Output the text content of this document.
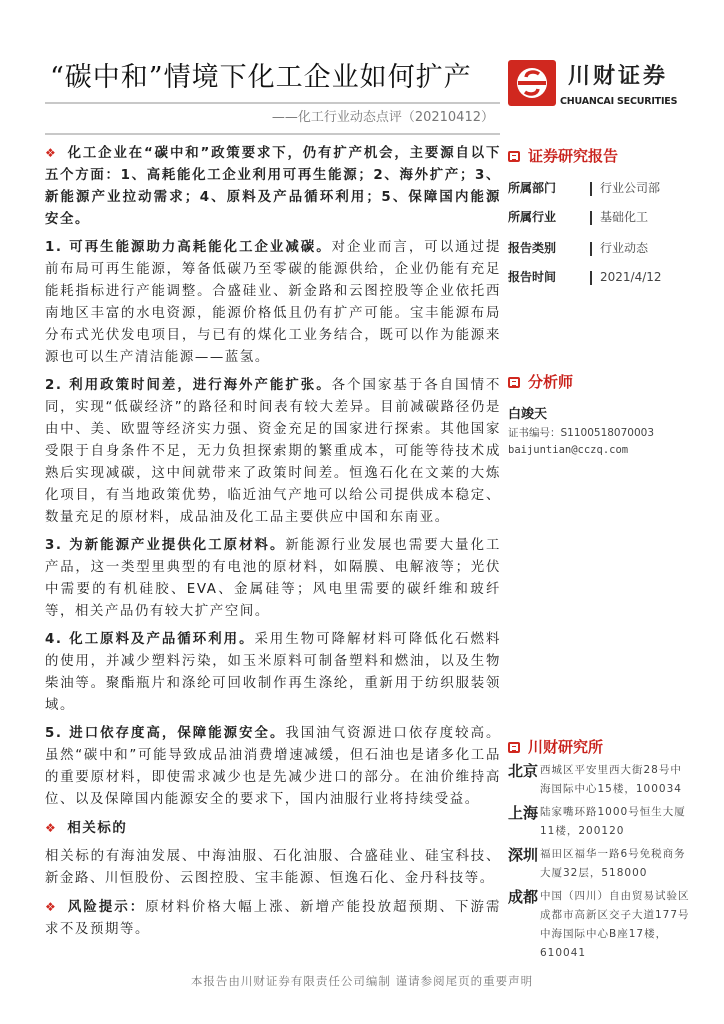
“碳中和”情境下化工企业如何扩产
——化工行业动态点评（20210412）
川财证券
CHUANCAI SECURITIES

❖ 化工企业在“碳中和”政策要求下，仍有扩产机会，主要源自以下五个方面：1、高耗能化工企业利用可再生能源；2、海外扩产；3、新能源产业拉动需求；4、原料及产品循环利用；5、保障国内能源安全。

1. 可再生能源助力高耗能化工企业减碳。对企业而言，可以通过提前布局可再生能源，筹备低碳乃至零碳的能源供给，企业仍能有充足能耗指标进行产能调整。合盛硅业、新金路和云图控股等企业依托西南地区丰富的水电资源，能源价格低且仍有扩产可能。宝丰能源布局分布式光伏发电项目，与已有的煤化工业务结合，既可以作为能源来源也可以生产清洁能源——蓝氢。

2. 利用政策时间差，进行海外产能扩张。各个国家基于各自国情不同，实现“低碳经济”的路径和时间表有较大差异。目前减碳路径仍是由中、美、欧盟等经济实力强、资金充足的国家进行探索。其他国家受限于自身条件不足，无力负担探索期的繁重成本，可能等待技术成熟后实现减碳，这中间就带来了政策时间差。恒逸石化在文莱的大炼化项目，有当地政策优势，临近油气产地可以给公司提供成本稳定、数量充足的原材料，成品油及化工品主要供应中国和东南亚。

3. 为新能源产业提供化工原材料。新能源行业发展也需要大量化工产品，这一类型里典型的有电池的原材料，如隔膜、电解液等；光伏中需要的有机硅胶、EVA、金属硅等；风电里需要的碳纤维和玻纤等，相关产品仍有较大扩产空间。

4. 化工原料及产品循环利用。采用生物可降解材料可降低化石燃料的使用，并减少塑料污染，如玉米原料可制备塑料和燃油，以及生物柴油等。聚酯瓶片和涤纶可回收制作再生涤纶，重新用于纺织服装领域。

5. 进口依存度高，保障能源安全。我国油气资源进口依存度较高。虽然“碳中和”可能导致成品油消费增速减缓，但石油也是诸多化工品的重要原材料，即使需求减少也是先减少进口的部分。在油价维持高位、以及保障国内能源安全的要求下，国内油服行业将持续受益。

❖ 相关标的

相关标的有海油发展、中海油服、石化油服、合盛硅业、硅宝科技、新金路、川恒股份、云图控股、宝丰能源、恒逸石化、金丹科技等。

❖ 风险提示：原材料价格大幅上涨、新增产能投放超预期、下游需求不及预期等。

证券研究报告
所属部门	行业公司部
所属行业	基础化工
报告类别	行业动态
报告时间	2021/4/12
分析师
白竣天
证书编号：S1100518070003
baijuntian@cczq.com
川财研究所
北京 西城区平安里西大街28号中海国际中心15楼，100034
上海 陆家嘴环路1000号恒生大厦11楼，200120
深圳 福田区福华一路6号免税商务大厦32层，518000
成都 中国（四川）自由贸易试验区成都市高新区交子大道177号中海国际中心B座17楼，610041
本报告由川财证券有限责任公司编制 谨请参阅尾页的重要声明
